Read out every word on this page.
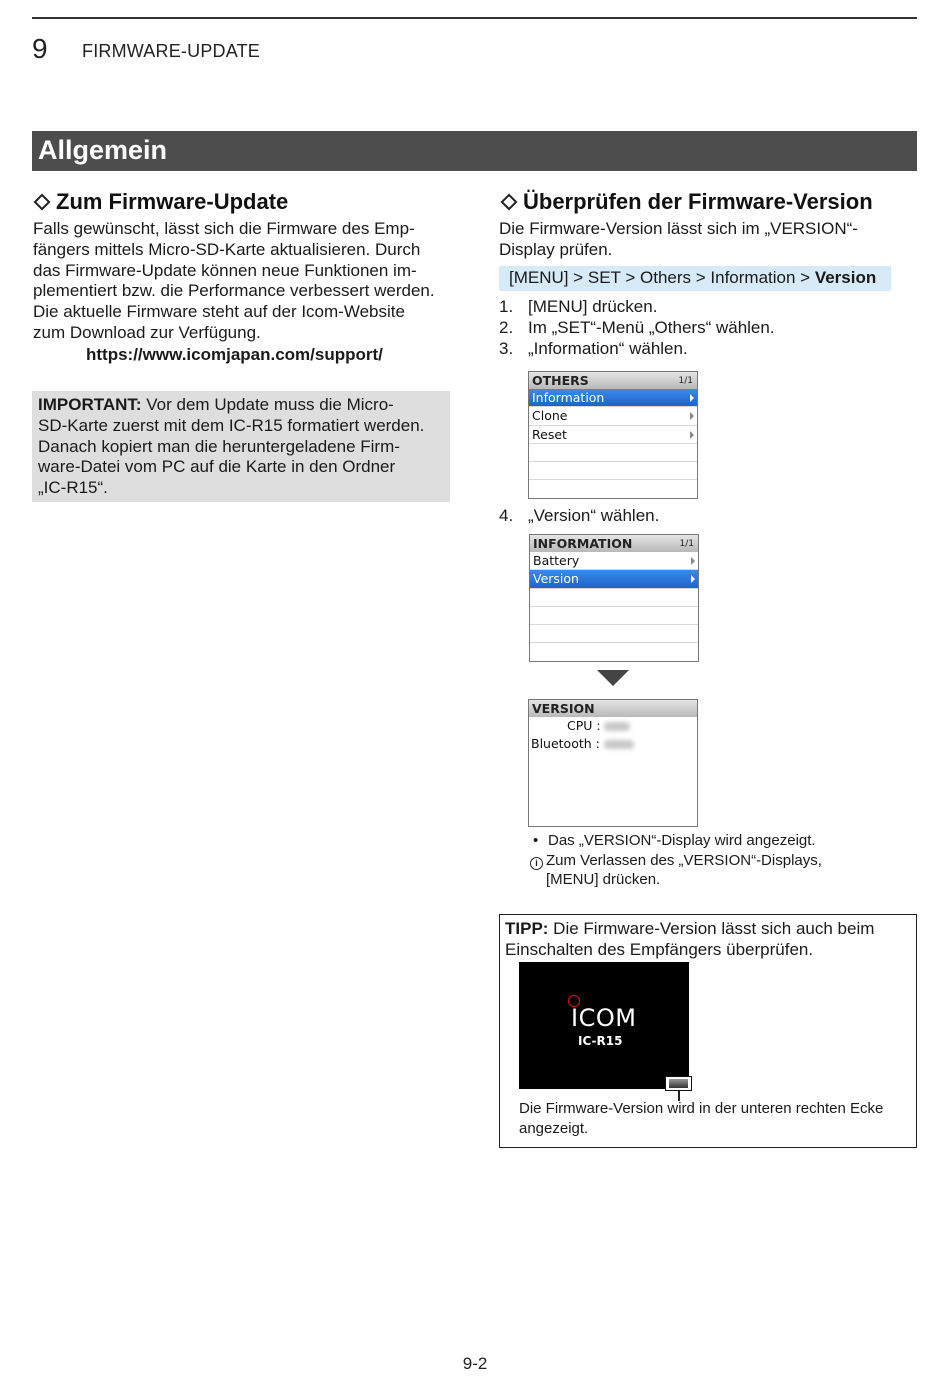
9 FIRMWARE-UPDATE
Allgemein
Zum Firmware-Update
Falls gewünscht, lässt sich die Firmware des Emp-
fängers mittels Micro-SD-Karte aktualisieren. Durch
das Firmware-Update können neue Funktionen im-
plementiert bzw. die Performance verbessert werden.
Die aktuelle Firmware steht auf der Icom-Website
zum Download zur Verfügung.
https://www.icomjapan.com/support/
IMPORTANT: Vor dem Update muss die Micro-
SD-Karte zuerst mit dem IC-R15 formatiert werden.
Danach kopiert man die heruntergeladene Firm-
ware-Datei vom PC auf die Karte in den Ordner
„IC-R15“.
Überprüfen der Firmware-Version
Die Firmware-Version lässt sich im „VERSION“-
Display prüfen.
[MENU] > SET > Others > Information > Version
1. [MENU] drücken.
2. Im „SET“-Menü „Others“ wählen.
3. „Information“ wählen.
OTHERS	1/1
Information
Clone
Reset
4. „Version“ wählen.
INFORMATION	1/1
Battery
Version
VERSION
CPU :
Bluetooth :
• Das „VERSION“-Display wird angezeigt.
i Zum Verlassen des „VERSION“-Displays,
[MENU] drücken.
TIPP: Die Firmware-Version lässt sich auch beim
Einschalten des Empfängers überprüfen.
ICOM
IC-R15
Die Firmware-Version wird in der unteren rechten Ecke
angezeigt.
9-2
